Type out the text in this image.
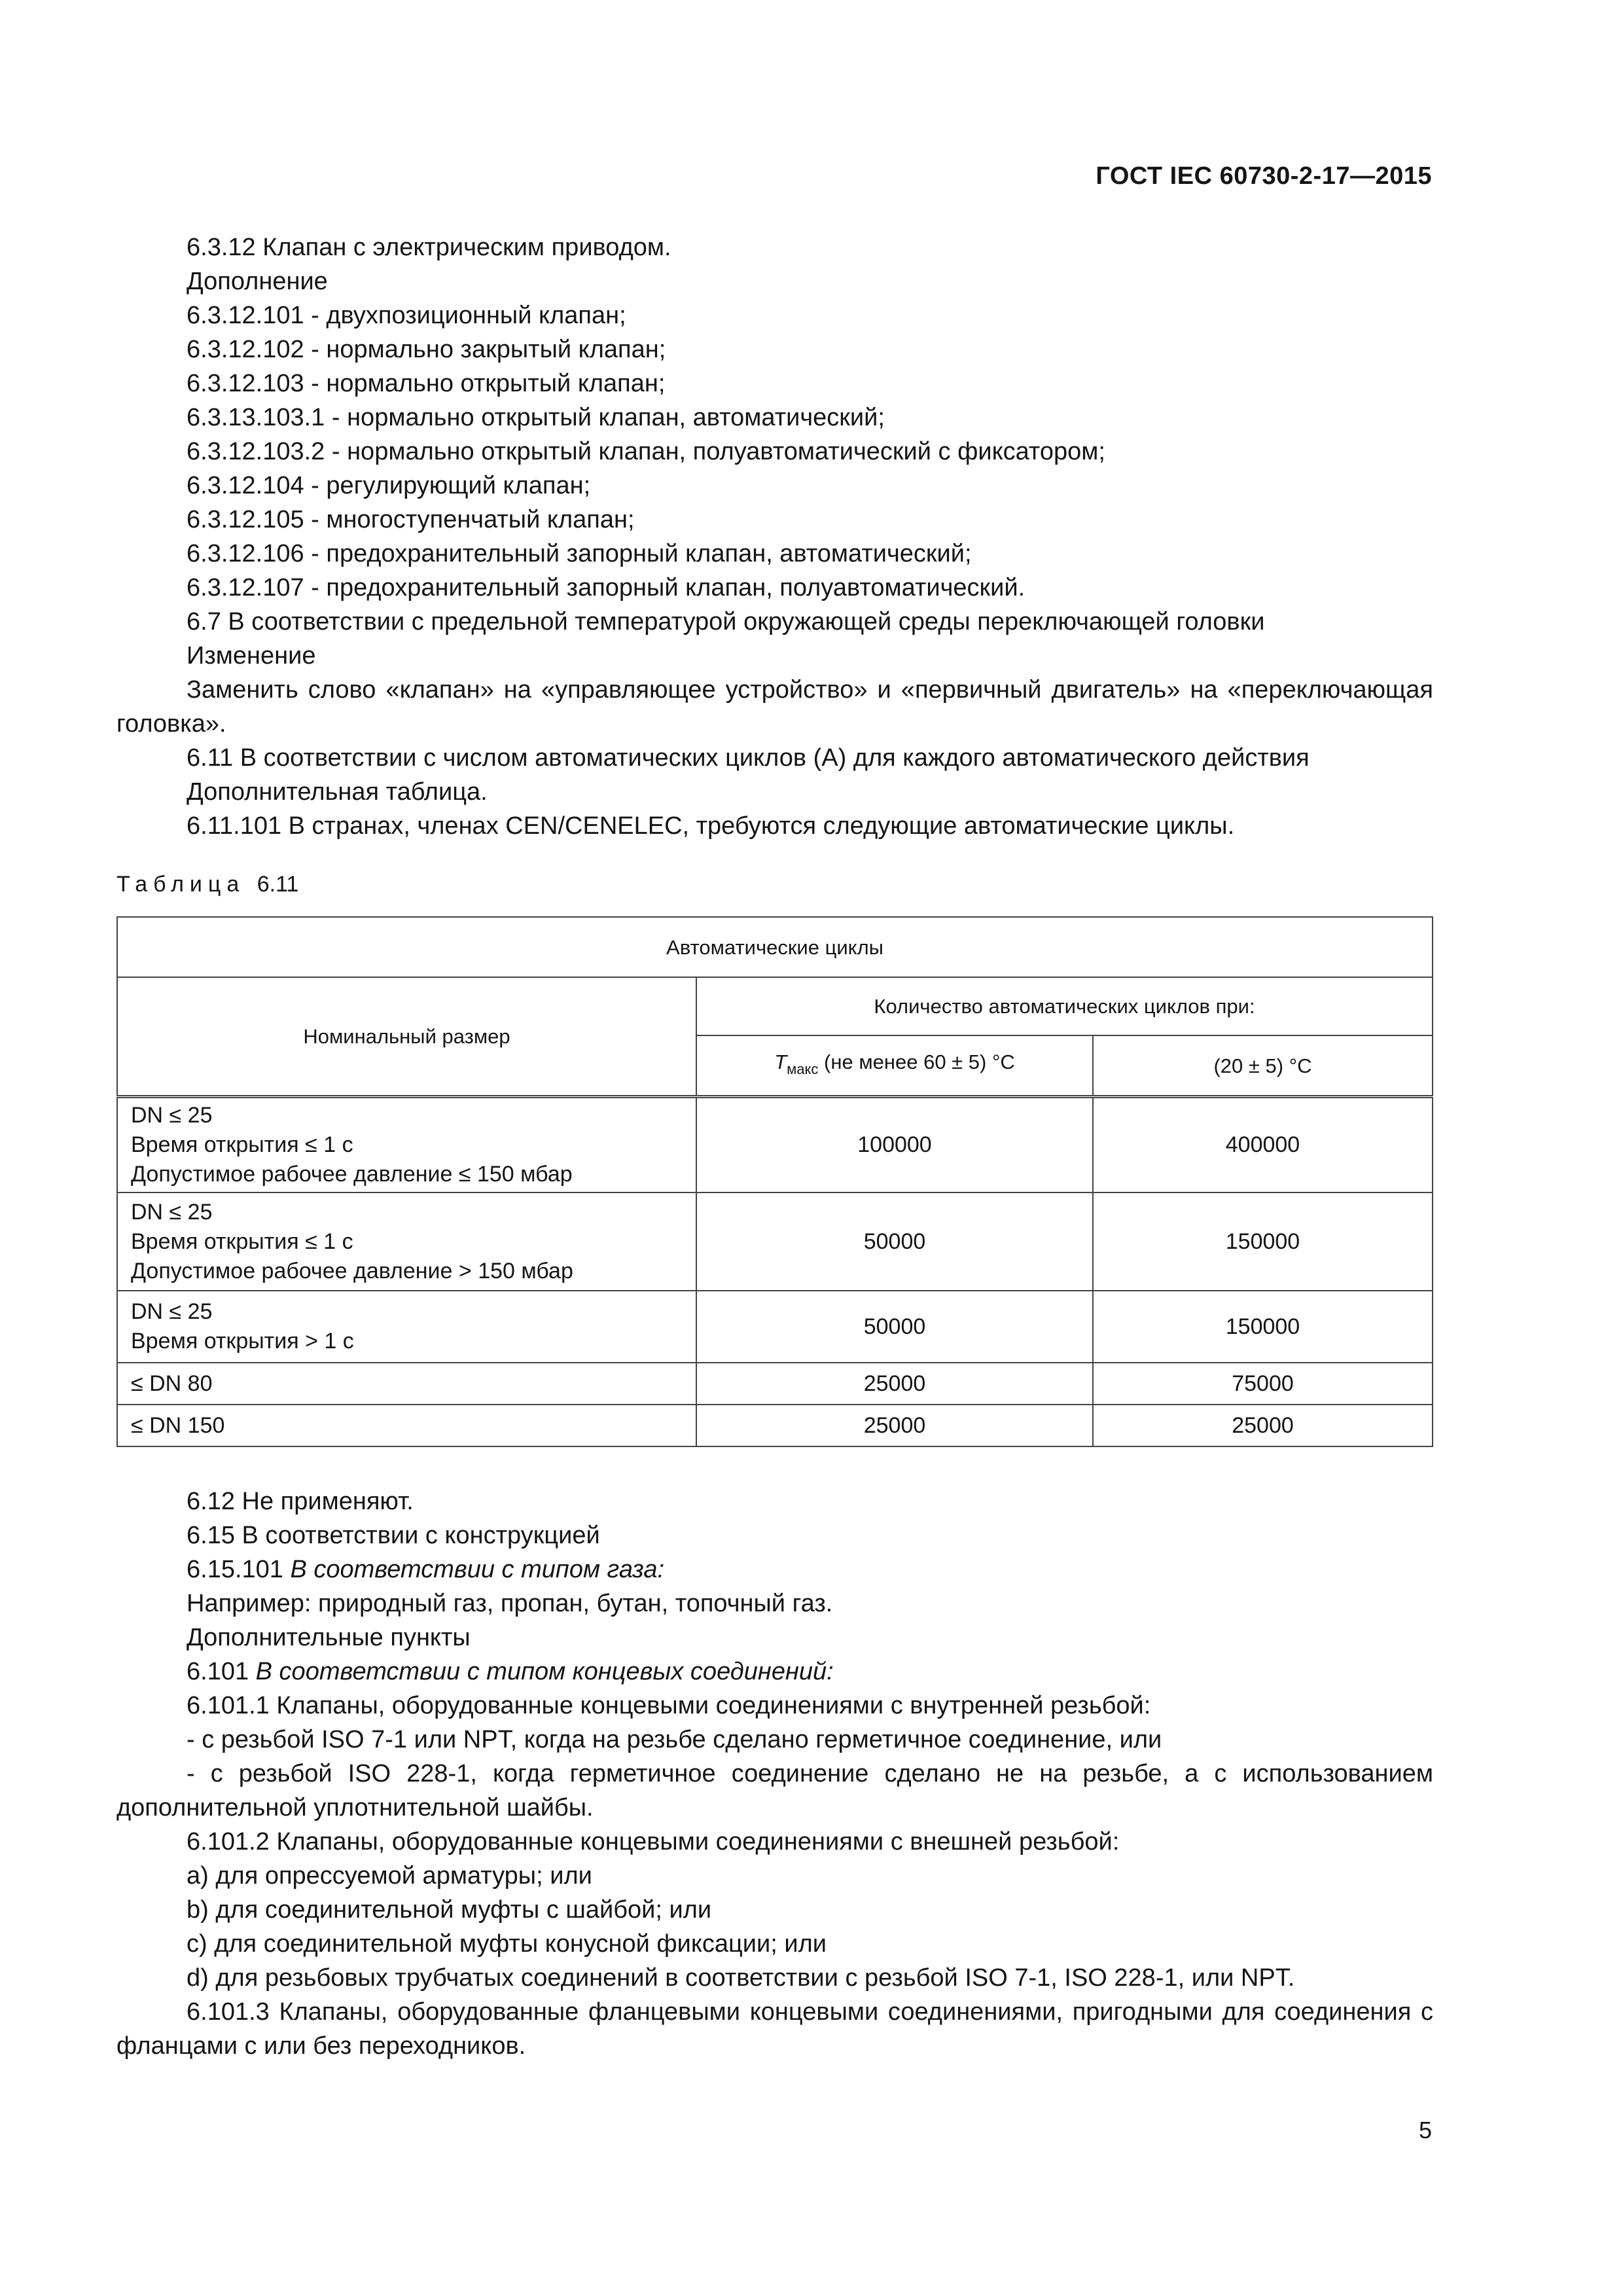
ГОСТ IEC 60730-2-17—2015

6.3.12 Клапан с электрическим приводом.

Дополнение

6.3.12.101 - двухпозиционный клапан;

6.3.12.102 - нормально закрытый клапан;

6.3.12.103 - нормально открытый клапан;

6.3.13.103.1 - нормально открытый клапан, автоматический;

6.3.12.103.2 - нормально открытый клапан, полуавтоматический с фиксатором;

6.3.12.104 - регулирующий клапан;

6.3.12.105 - многоступенчатый клапан;

6.3.12.106 - предохранительный запорный клапан, автоматический;

6.3.12.107 - предохранительный запорный клапан, полуавтоматический.

6.7 В соответствии с предельной температурой окружающей среды переключающей головки

Изменение

Заменить слово «клапан» на «управляющее устройство» и «первичный двигатель» на «переключающая головка».

6.11 В соответствии с числом автоматических циклов (А) для каждого автоматического действия

Дополнительная таблица.

6.11.101 В странах, членах CEN/CENELEC, требуются следующие автоматические циклы.

Таблица 6.11
Автоматические циклы		
Номинальный размер	Количество автоматических циклов при:	
	$T_{макс}$ (не менее 60 ± 5) °C	(20 ± 5) °C

DN ≤ 25
Время открытия ≤ 1 с
Допустимое рабочее давление ≤ 150 мбар	100000	400000

DN ≤ 25
Время открытия ≤ 1 с
Допустимое рабочее давление > 150 мбар	50000	150000

DN ≤ 25
Время открытия > 1 с	50000	150000

≤ DN 80	25000	75000

≤ DN 150	25000	25000

6.12 Не применяют.

6.15 В соответствии с конструкцией

6.15.101 В соответствии с типом газа:

Например: природный газ, пропан, бутан, топочный газ.

Дополнительные пункты

6.101 В соответствии с типом концевых соединений:

6.101.1 Клапаны, оборудованные концевыми соединениями с внутренней резьбой:

- с резьбой ISO 7-1 или NPT, когда на резьбе сделано герметичное соединение, или

- с резьбой ISO 228-1, когда герметичное соединение сделано не на резьбе, а с использованием дополнительной уплотнительной шайбы.

6.101.2 Клапаны, оборудованные концевыми соединениями с внешней резьбой:

a) для опрессуемой арматуры; или

b) для соединительной муфты с шайбой; или

c) для соединительной муфты конусной фиксации; или

d) для резьбовых трубчатых соединений в соответствии с резьбой ISO 7-1, ISO 228-1, или NPT.

6.101.3 Клапаны, оборудованные фланцевыми концевыми соединениями, пригодными для соединения с фланцами с или без переходников.

5
